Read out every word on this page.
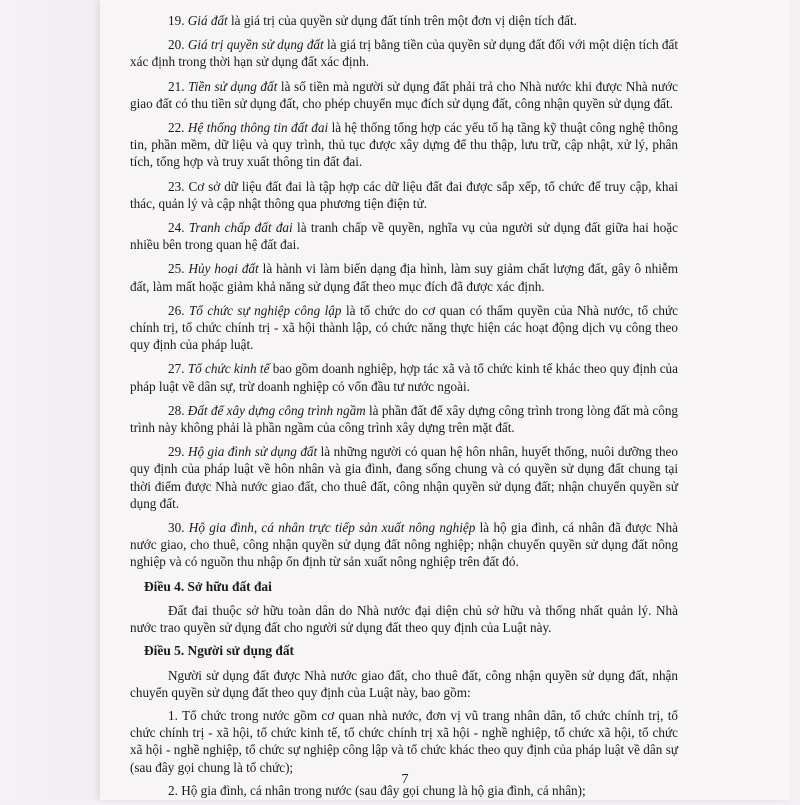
19. Giá đất là giá trị của quyền sử dụng đất tính trên một đơn vị diện tích đất.

20. Giá trị quyền sử dụng đất là giá trị bằng tiền của quyền sử dụng đất đối với một diện tích đất xác định trong thời hạn sử dụng đất xác định.

21. Tiền sử dụng đất là số tiền mà người sử dụng đất phải trả cho Nhà nước khi được Nhà nước giao đất có thu tiền sử dụng đất, cho phép chuyển mục đích sử dụng đất, công nhận quyền sử dụng đất.

22. Hệ thống thông tin đất đai là hệ thống tổng hợp các yếu tố hạ tầng kỹ thuật công nghệ thông tin, phần mềm, dữ liệu và quy trình, thủ tục được xây dựng để thu thập, lưu trữ, cập nhật, xử lý, phân tích, tổng hợp và truy xuất thông tin đất đai.

23. Cơ sở dữ liệu đất đai là tập hợp các dữ liệu đất đai được sắp xếp, tổ chức để truy cập, khai thác, quản lý và cập nhật thông qua phương tiện điện tử.

24. Tranh chấp đất đai là tranh chấp về quyền, nghĩa vụ của người sử dụng đất giữa hai hoặc nhiều bên trong quan hệ đất đai.

25. Hủy hoại đất là hành vi làm biến dạng địa hình, làm suy giảm chất lượng đất, gây ô nhiễm đất, làm mất hoặc giảm khả năng sử dụng đất theo mục đích đã được xác định.

26. Tổ chức sự nghiệp công lập là tổ chức do cơ quan có thẩm quyền của Nhà nước, tổ chức chính trị, tổ chức chính trị - xã hội thành lập, có chức năng thực hiện các hoạt động dịch vụ công theo quy định của pháp luật.

27. Tổ chức kinh tế bao gồm doanh nghiệp, hợp tác xã và tổ chức kinh tế khác theo quy định của pháp luật về dân sự, trừ doanh nghiệp có vốn đầu tư nước ngoài.

28. Đất để xây dựng công trình ngầm là phần đất để xây dựng công trình trong lòng đất mà công trình này không phải là phần ngầm của công trình xây dựng trên mặt đất.

29. Hộ gia đình sử dụng đất là những người có quan hệ hôn nhân, huyết thống, nuôi dưỡng theo quy định của pháp luật về hôn nhân và gia đình, đang sống chung và có quyền sử dụng đất chung tại thời điểm được Nhà nước giao đất, cho thuê đất, công nhận quyền sử dụng đất; nhận chuyển quyền sử dụng đất.

30. Hộ gia đình, cá nhân trực tiếp sản xuất nông nghiệp là hộ gia đình, cá nhân đã được Nhà nước giao, cho thuê, công nhận quyền sử dụng đất nông nghiệp; nhận chuyển quyền sử dụng đất nông nghiệp và có nguồn thu nhập ổn định từ sản xuất nông nghiệp trên đất đó.

Điều 4. Sở hữu đất đai

Đất đai thuộc sở hữu toàn dân do Nhà nước đại diện chủ sở hữu và thống nhất quản lý. Nhà nước trao quyền sử dụng đất cho người sử dụng đất theo quy định của Luật này.

Điều 5. Người sử dụng đất

Người sử dụng đất được Nhà nước giao đất, cho thuê đất, công nhận quyền sử dụng đất, nhận chuyển quyền sử dụng đất theo quy định của Luật này, bao gồm:

1. Tổ chức trong nước gồm cơ quan nhà nước, đơn vị vũ trang nhân dân, tổ chức chính trị, tổ chức chính trị - xã hội, tổ chức kinh tế, tổ chức chính trị xã hội - nghề nghiệp, tổ chức xã hội, tổ chức xã hội - nghề nghiệp, tổ chức sự nghiệp công lập và tổ chức khác theo quy định của pháp luật về dân sự (sau đây gọi chung là tổ chức);

2. Hộ gia đình, cá nhân trong nước (sau đây gọi chung là hộ gia đình, cá nhân);

7
